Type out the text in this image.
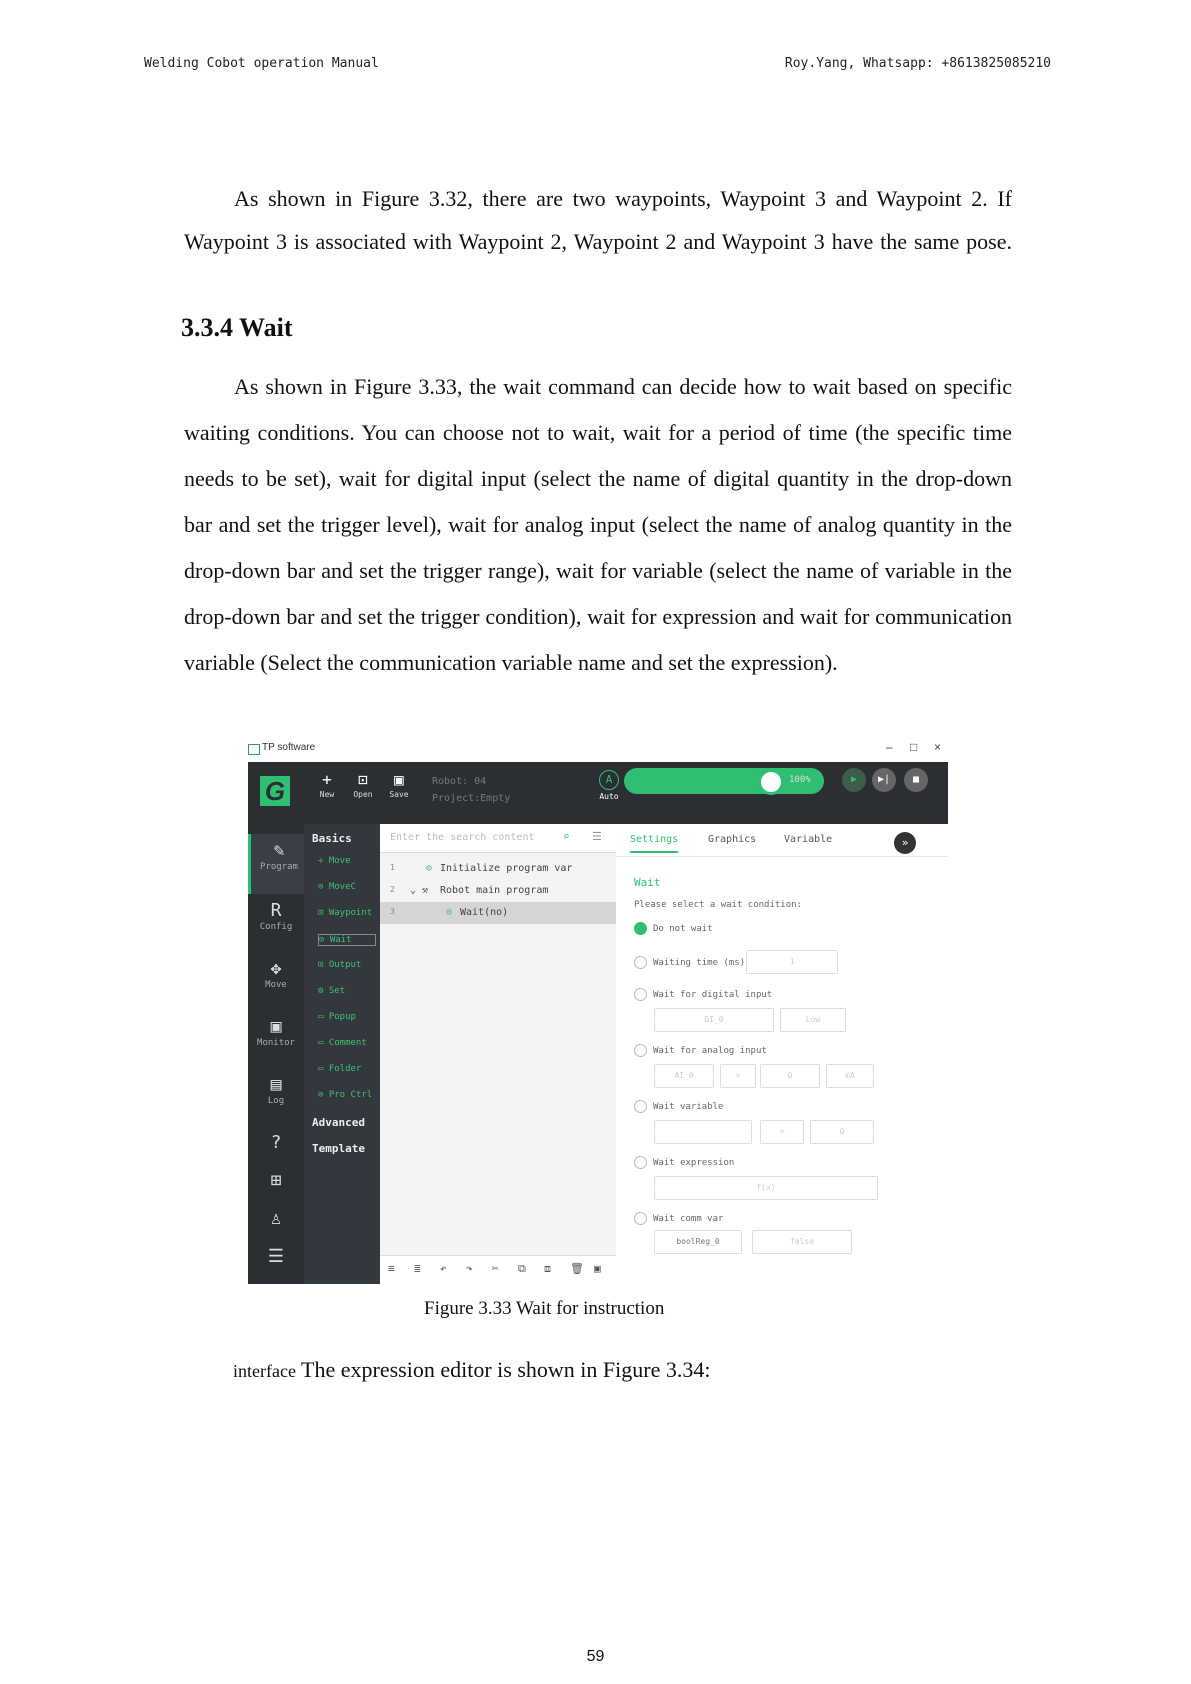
Welding Cobot operation Manual	Roy.Yang, Whatsapp: +8613825085210
As shown in Figure 3.32, there are two waypoints, Waypoint 3 and Waypoint 2. If Waypoint 3 is associated with Waypoint 2, Waypoint 2 and Waypoint 3 have the same pose.
3.3.4 Wait
As shown in Figure 3.33, the wait command can decide how to wait based on specific waiting conditions. You can choose not to wait, wait for a period of time (the specific time needs to be set), wait for digital input (select the name of digital quantity in the drop-down bar and set the trigger level), wait for analog input (select the name of analog quantity in the drop-down bar and set the trigger range), wait for variable (select the name of variable in the drop-down bar and set the trigger condition), wait for expression and wait for communication variable (Select the communication variable name and set the expression).
TP software	– □ ×
G	+
New
⊡
Open
▣
Save
Robot: 04
Project:Empty
A
Auto
100%	▶	▶|	■
✎
Program
R
Config
✥
Move
▣
Monitor
▤
Log
?
⊞
♙
☰
Basics
✛ Move
⊙ MoveC
⊡ Waypoint
⊙ Wait
⊡ Output
⚙ Set
▭ Popup
▭ Comment
▭ Folder
⊘ Pro Ctrl
Advanced
Template
Enter the search content	⌕ ☰
1	⊙ Initialize program var
2 ⌄ ⚒ Robot main program
3	⊙ Wait(no)
≡ ≣ ↶ ↷ ✂ ⧉ ⧈ 🗑 ▣
Settings	Graphics	Variable	»
Wait
Please select a wait condition:
Do not wait
Waiting time (ms)	1
Wait for digital input
DI_0	Low
Wait for analog input
AI_0	>	0	mA
Wait variable
>	0
Wait expression
f(x)
Wait comm var
boolReg_0	false
Figure 3.33 Wait for instruction
interface The expression editor is shown in Figure 3.34:
59
